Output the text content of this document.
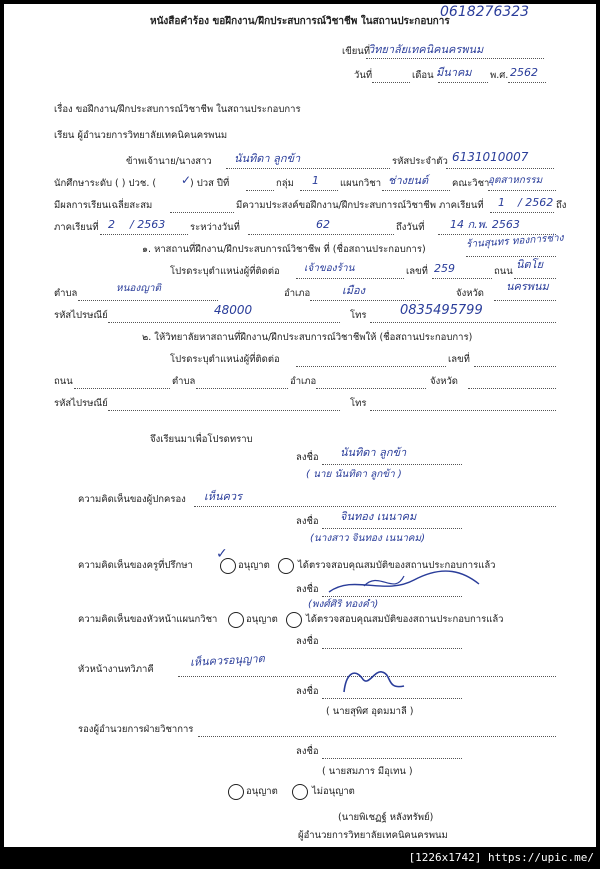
หนังสือคำร้อง ขอฝึกงาน/ฝึกประสบการณ์วิชาชีพ ในสถานประกอบการ
0618276323
เขียนที่
วิทยาลัยเทคนิคนครพนม
วันที่	เดือน มีนาคม พ.ศ. 2562
เรื่อง ขอฝึกงาน/ฝึกประสบการณ์วิชาชีพ ในสถานประกอบการ
เรียน ผู้อำนวยการวิทยาลัยเทคนิคนครพนม
ข้าพเจ้านาย/นางสาว นันทิดา ลูกข้า	รหัสประจำตัว 6131010007
นักศึกษาระดับ ( ) ปวช. ( ✓
) ปวส ปีที่	กลุ่ม 1 แผนกวิชา ช่างยนต์	คณะวิชา
อุตสาหกรรม
มีผลการเรียนเฉลี่ยสะสม	มีความประสงค์ขอฝึกงาน/ฝึกประสบการณ์วิชาชีพ ภาคเรียนที่ 1 / 2562 ถึง
ภาคเรียนที่ 2 / 2563	ระหว่างวันที่	62	ถึงวันที่ 14 ก.พ. 2563
๑. หาสถานที่ฝึกงาน/ฝึกประสบการณ์วิชาชีพ ที่ (ชื่อสถานประกอบการ)	ร้านสุนทร ทองการช่าง
โปรดระบุตำแหน่งผู้ที่ติดต่อ เจ้าของร้าน	เลขที่ 259	ถนน
นิตโย
ตำบล	หนองญาติ	อำเภอ	เมือง	จังหวัด
นครพนม
รหัสไปรษณีย์	48000	โทร	0835495799
๒. ให้วิทยาลัยหาสถานที่ฝึกงาน/ฝึกประสบการณ์วิชาชีพให้ (ชื่อสถานประกอบการ)
โปรดระบุตำแหน่งผู้ที่ติดต่อ	เลขที่
ถนน	ตำบล	อำเภอ	จังหวัด
รหัสไปรษณีย์	โทร
จึงเรียนมาเพื่อโปรดทราบ
ลงชื่อ นันทิดา ลูกข้า
( นาย นันทิดา ลูกข้า )
ความคิดเห็นของผู้ปกครอง เห็นควร
ลงชื่อ จินทอง เนนาคม
(นางสาว จินทอง เนนาคม)
ความคิดเห็นของครูที่ปรึกษา
✓
อนุญาต	ได้ตรวจสอบคุณสมบัติของสถานประกอบการแล้ว
ลงชื่อ
(พงศ์ศิริ ทองคำ)
ความคิดเห็นของหัวหน้าแผนกวิชา	อนุญาต	ได้ตรวจสอบคุณสมบัติของสถานประกอบการแล้ว
ลงชื่อ
หัวหน้างานทวิภาคี
เห็นควรอนุญาต
ลงชื่อ
( นายสุพิศ อุดมมาลี )
รองผู้อำนวยการฝ่ายวิชาการ
ลงชื่อ
( นายสมภาร มีอุเทน )
อนุญาต	ไม่อนุญาต
(นายพิเชฏฐ์ หลังทรัพย์)
ผู้อำนวยการวิทยาลัยเทคนิคนครพนม
[1226x1742] https://upic.me/
